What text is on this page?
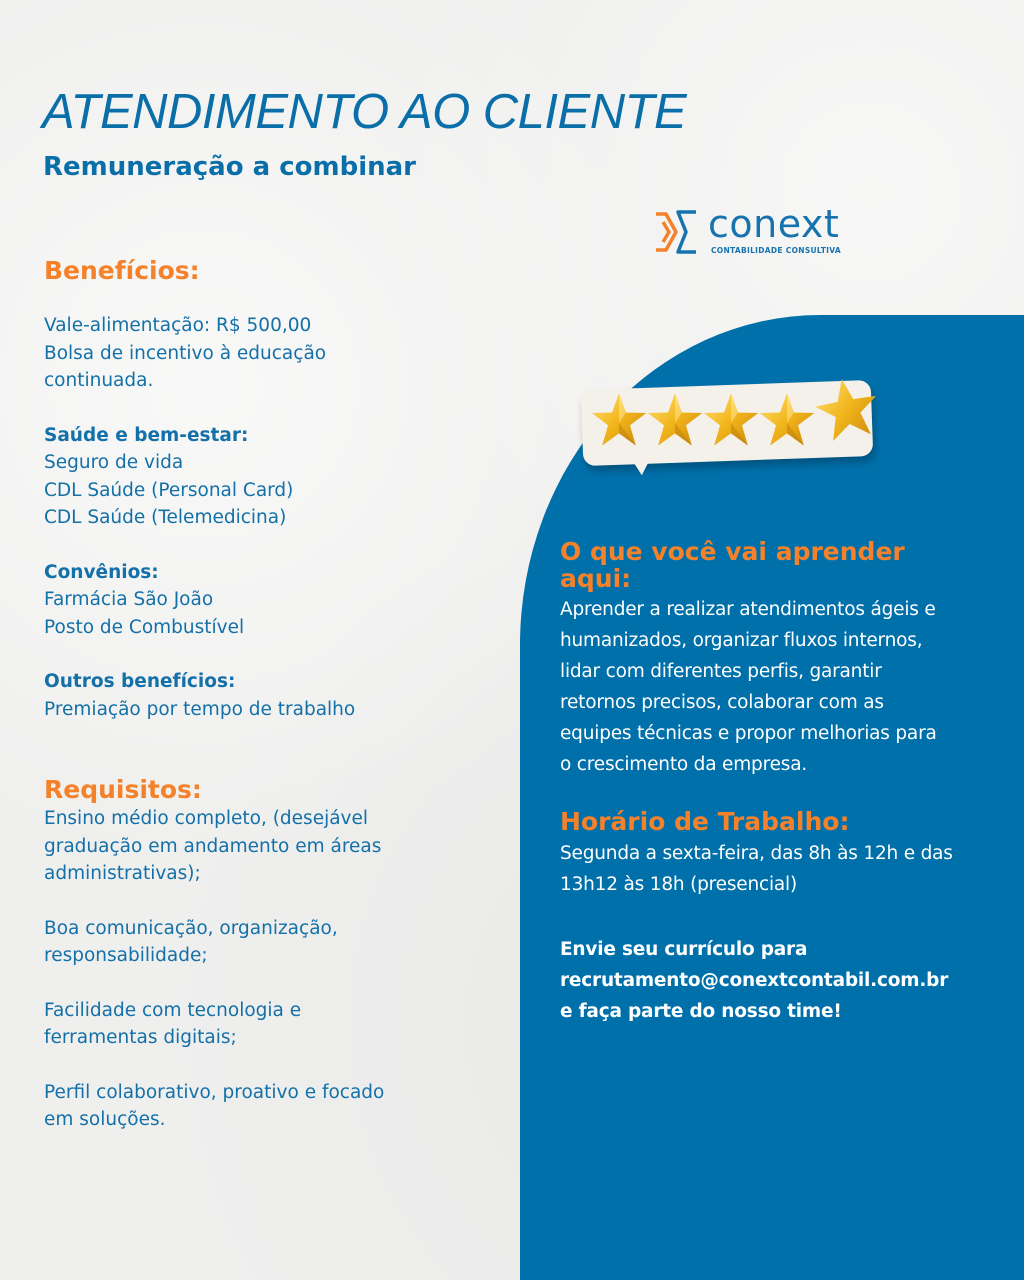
ATENDIMENTO AO CLIENTE
Remuneração a combinar
conext
CONTABILIDADE CONSULTIVA
Benefícios:
Vale-alimentação: R$ 500,00
Bolsa de incentivo à educação
continuada.
Saúde e bem-estar:
Seguro de vida
CDL Saúde (Personal Card)
CDL Saúde (Telemedicina)
Convênios:
Farmácia São João
Posto de Combustível
Outros benefícios:
Premiação por tempo de trabalho
Requisitos:
Ensino médio completo, (desejável
graduação em andamento em áreas
administrativas);
Boa comunicação, organização,
responsabilidade;
Facilidade com tecnologia e
ferramentas digitais;
Perfil colaborativo, proativo e focado
em soluções.
O que você vai aprender
aqui:
Aprender a realizar atendimentos ágeis e
humanizados, organizar fluxos internos,
lidar com diferentes perfis, garantir
retornos precisos, colaborar com as
equipes técnicas e propor melhorias para
o crescimento da empresa.
Horário de Trabalho:
Segunda a sexta-feira, das 8h às 12h e das
13h12 às 18h (presencial)
Envie seu currículo para
recrutamento@conextcontabil.com.br
e faça parte do nosso time!
